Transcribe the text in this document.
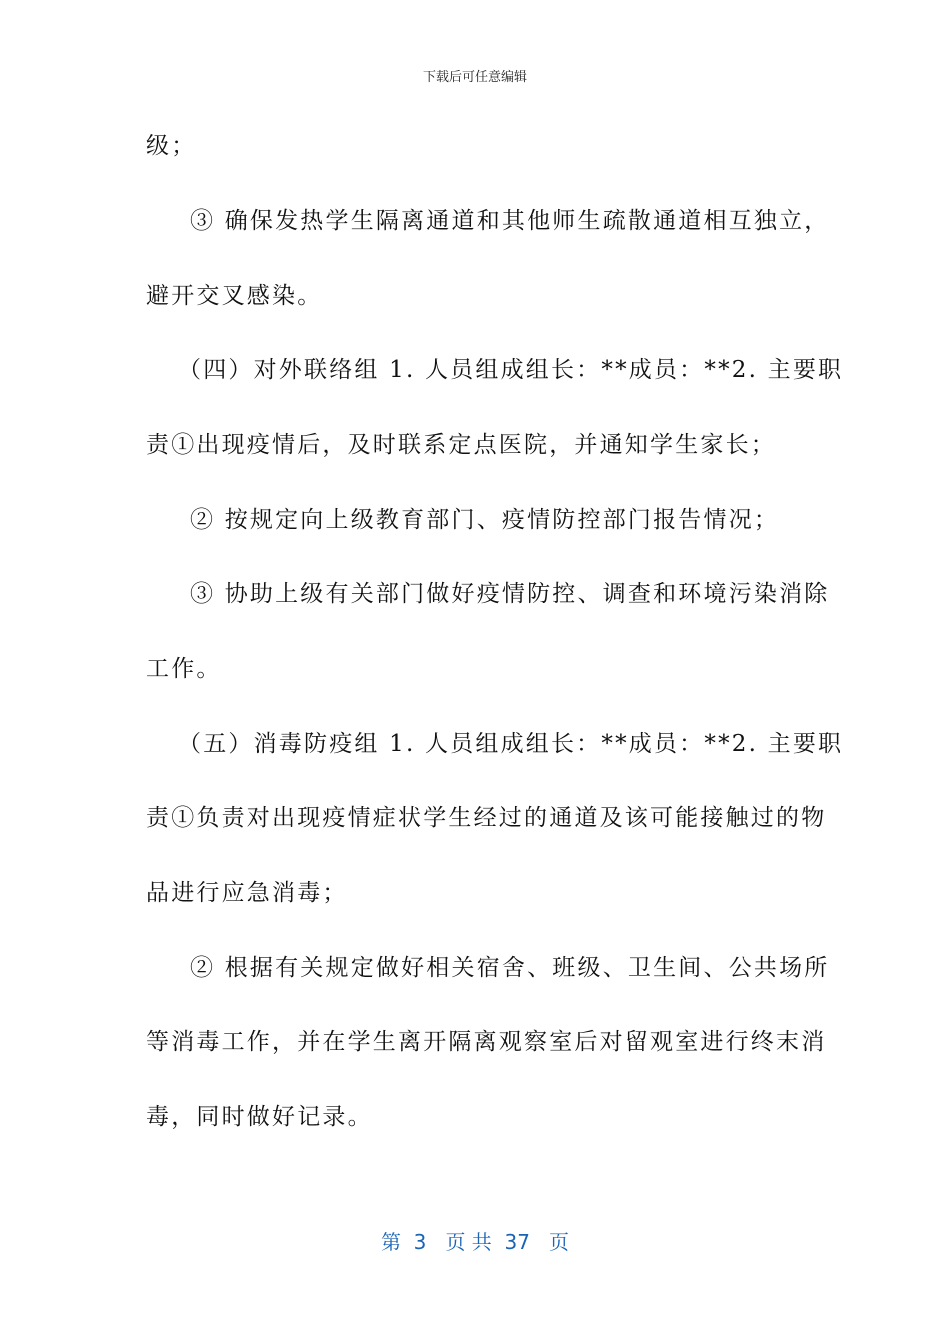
下载后可任意编辑
级；
③ 确保发热学生隔离通道和其他师生疏散通道相互独立，
避开交叉感染。
（四）对外联络组 1. 人员组成组长：**成员：**2. 主要职
责①出现疫情后，及时联系定点医院，并通知学生家长；
② 按规定向上级教育部门、疫情防控部门报告情况；
③ 协助上级有关部门做好疫情防控、调查和环境污染消除
工作。
（五）消毒防疫组 1. 人员组成组长：**成员：**2. 主要职
责①负责对出现疫情症状学生经过的通道及该可能接触过的物
品进行应急消毒；
② 根据有关规定做好相关宿舍、班级、卫生间、公共场所
等消毒工作，并在学生离开隔离观察室后对留观室进行终末消
毒，同时做好记录。
第  3   页 共  37   页
